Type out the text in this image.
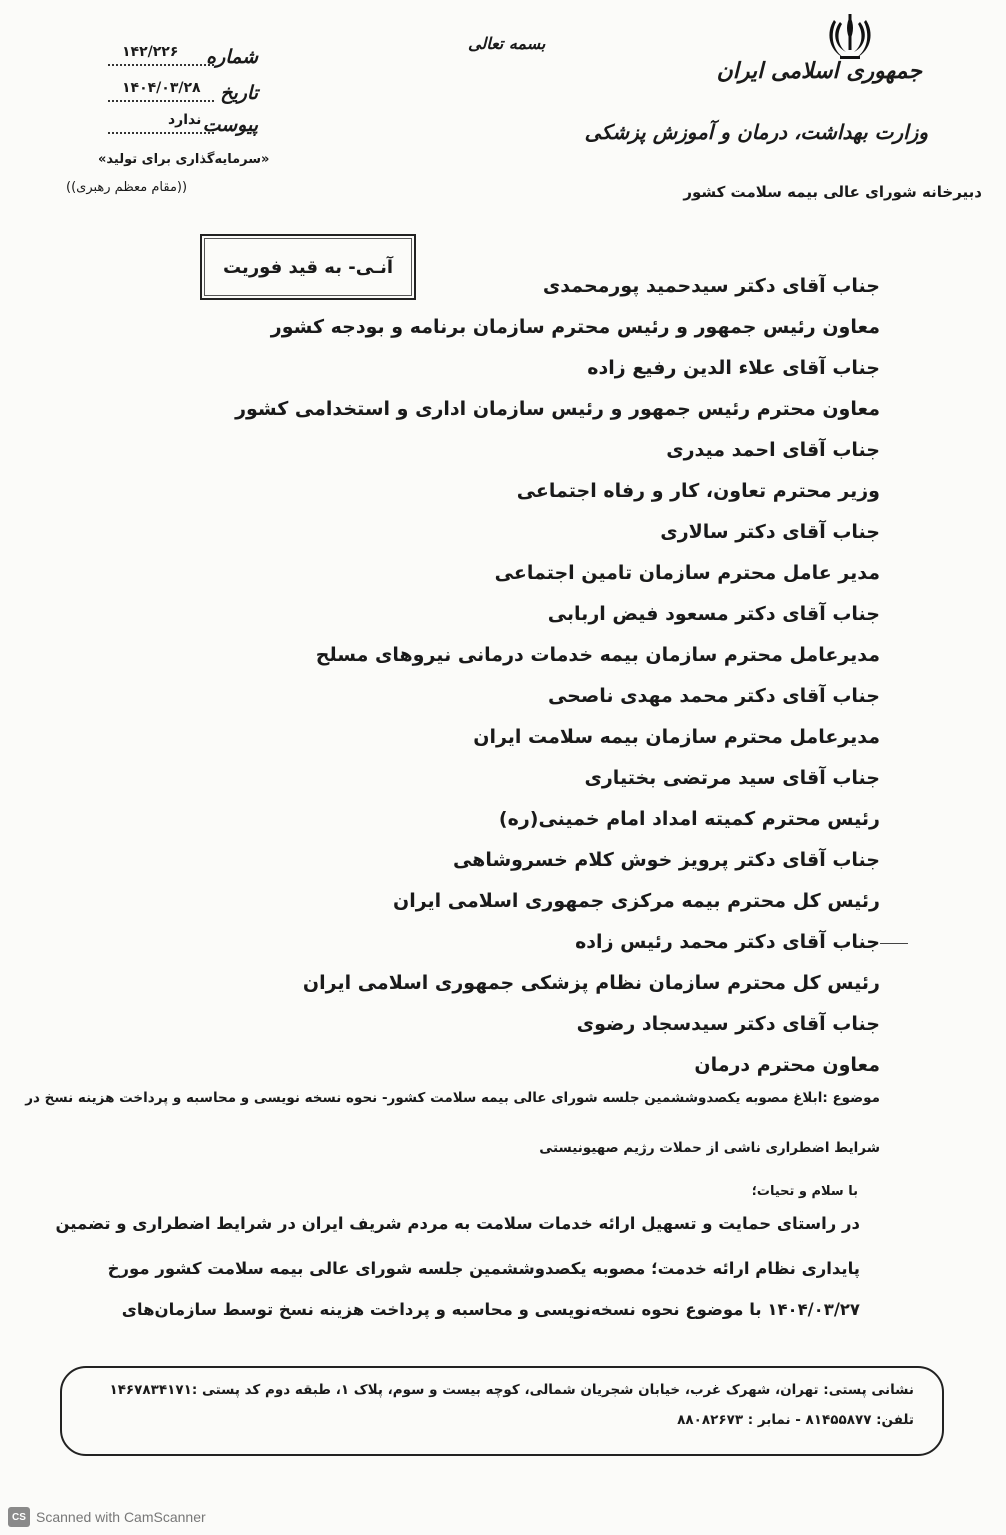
بسمه تعالی
شماره
۱۴۲/۲۲۶
تاریخ
۱۴۰۴/۰۳/۲۸
پیوست
ندارد
«سرمایه‌گذاری برای تولید»
((مقام معظم رهبری))
جمهوری اسلامی ایران
وزارت بهداشت، درمان و آموزش پزشکی
دبیرخانه شورای عالی بیمه سلامت کشور
آنـی- به قید فوریت
جناب آقای دکتر سیدحمید پورمحمدی
معاون رئیس جمهور و رئیس محترم سازمان برنامه و بودجه کشور
جناب آقای علاء الدین رفیع زاده
معاون محترم رئیس جمهور و رئیس سازمان اداری و استخدامی کشور
جناب آقای احمد میدری
وزیر محترم تعاون، کار و رفاه اجتماعی
جناب آقای دکتر سالاری
مدیر عامل محترم سازمان تامین اجتماعی
جناب آقای دکتر مسعود فیض اربابی
مدیرعامل محترم سازمان بیمه خدمات درمانی نیروهای مسلح
جناب آقای دکتر محمد مهدی ناصحی
مدیرعامل محترم سازمان بیمه سلامت ایران
جناب آقای سید مرتضی بختیاری
رئیس محترم کمیته امداد امام خمینی(ره)
جناب آقای دکتر پرویز خوش کلام خسروشاهی
رئیس کل محترم بیمه مرکزی جمهوری اسلامی ایران
جناب آقای دکتر محمد رئیس زاده
رئیس کل محترم سازمان نظام پزشکی جمهوری اسلامی ایران
جناب آقای دکتر سیدسجاد رضوی
معاون محترم درمان
موضوع :ابلاغ مصوبه یکصدوششمین جلسه شورای عالی بیمه سلامت کشور- نحوه نسخه نویسی و محاسبه و پرداخت هزینه نسخ در
شرایط اضطراری ناشی از حملات رژیم صهیونیستی
با سلام و تحیات؛
در راستای حمایت و تسهیل ارائه خدمات سلامت به مردم شریف ایران در شرایط اضطراری و تضمین
پایداری نظام ارائه خدمت؛ مصوبه یکصدوششمین جلسه شورای عالی بیمه سلامت کشور مورخ
۱۴۰۴/۰۳/۲۷ با موضوع نحوه نسخه‌نویسی و محاسبه و پرداخت هزینه نسخ توسط سازمان‌های
نشانی پستی: تهران، شهرک غرب، خیابان شجریان شمالی، کوچه بیست و سوم، پلاک ۱، طبقه دوم کد پستی :۱۴۶۷۸۳۴۱۷۱
تلفن: ۸۱۴۵۵۸۷۷ - نمابر : ۸۸۰۸۲۶۷۳
CS Scanned with CamScanner
